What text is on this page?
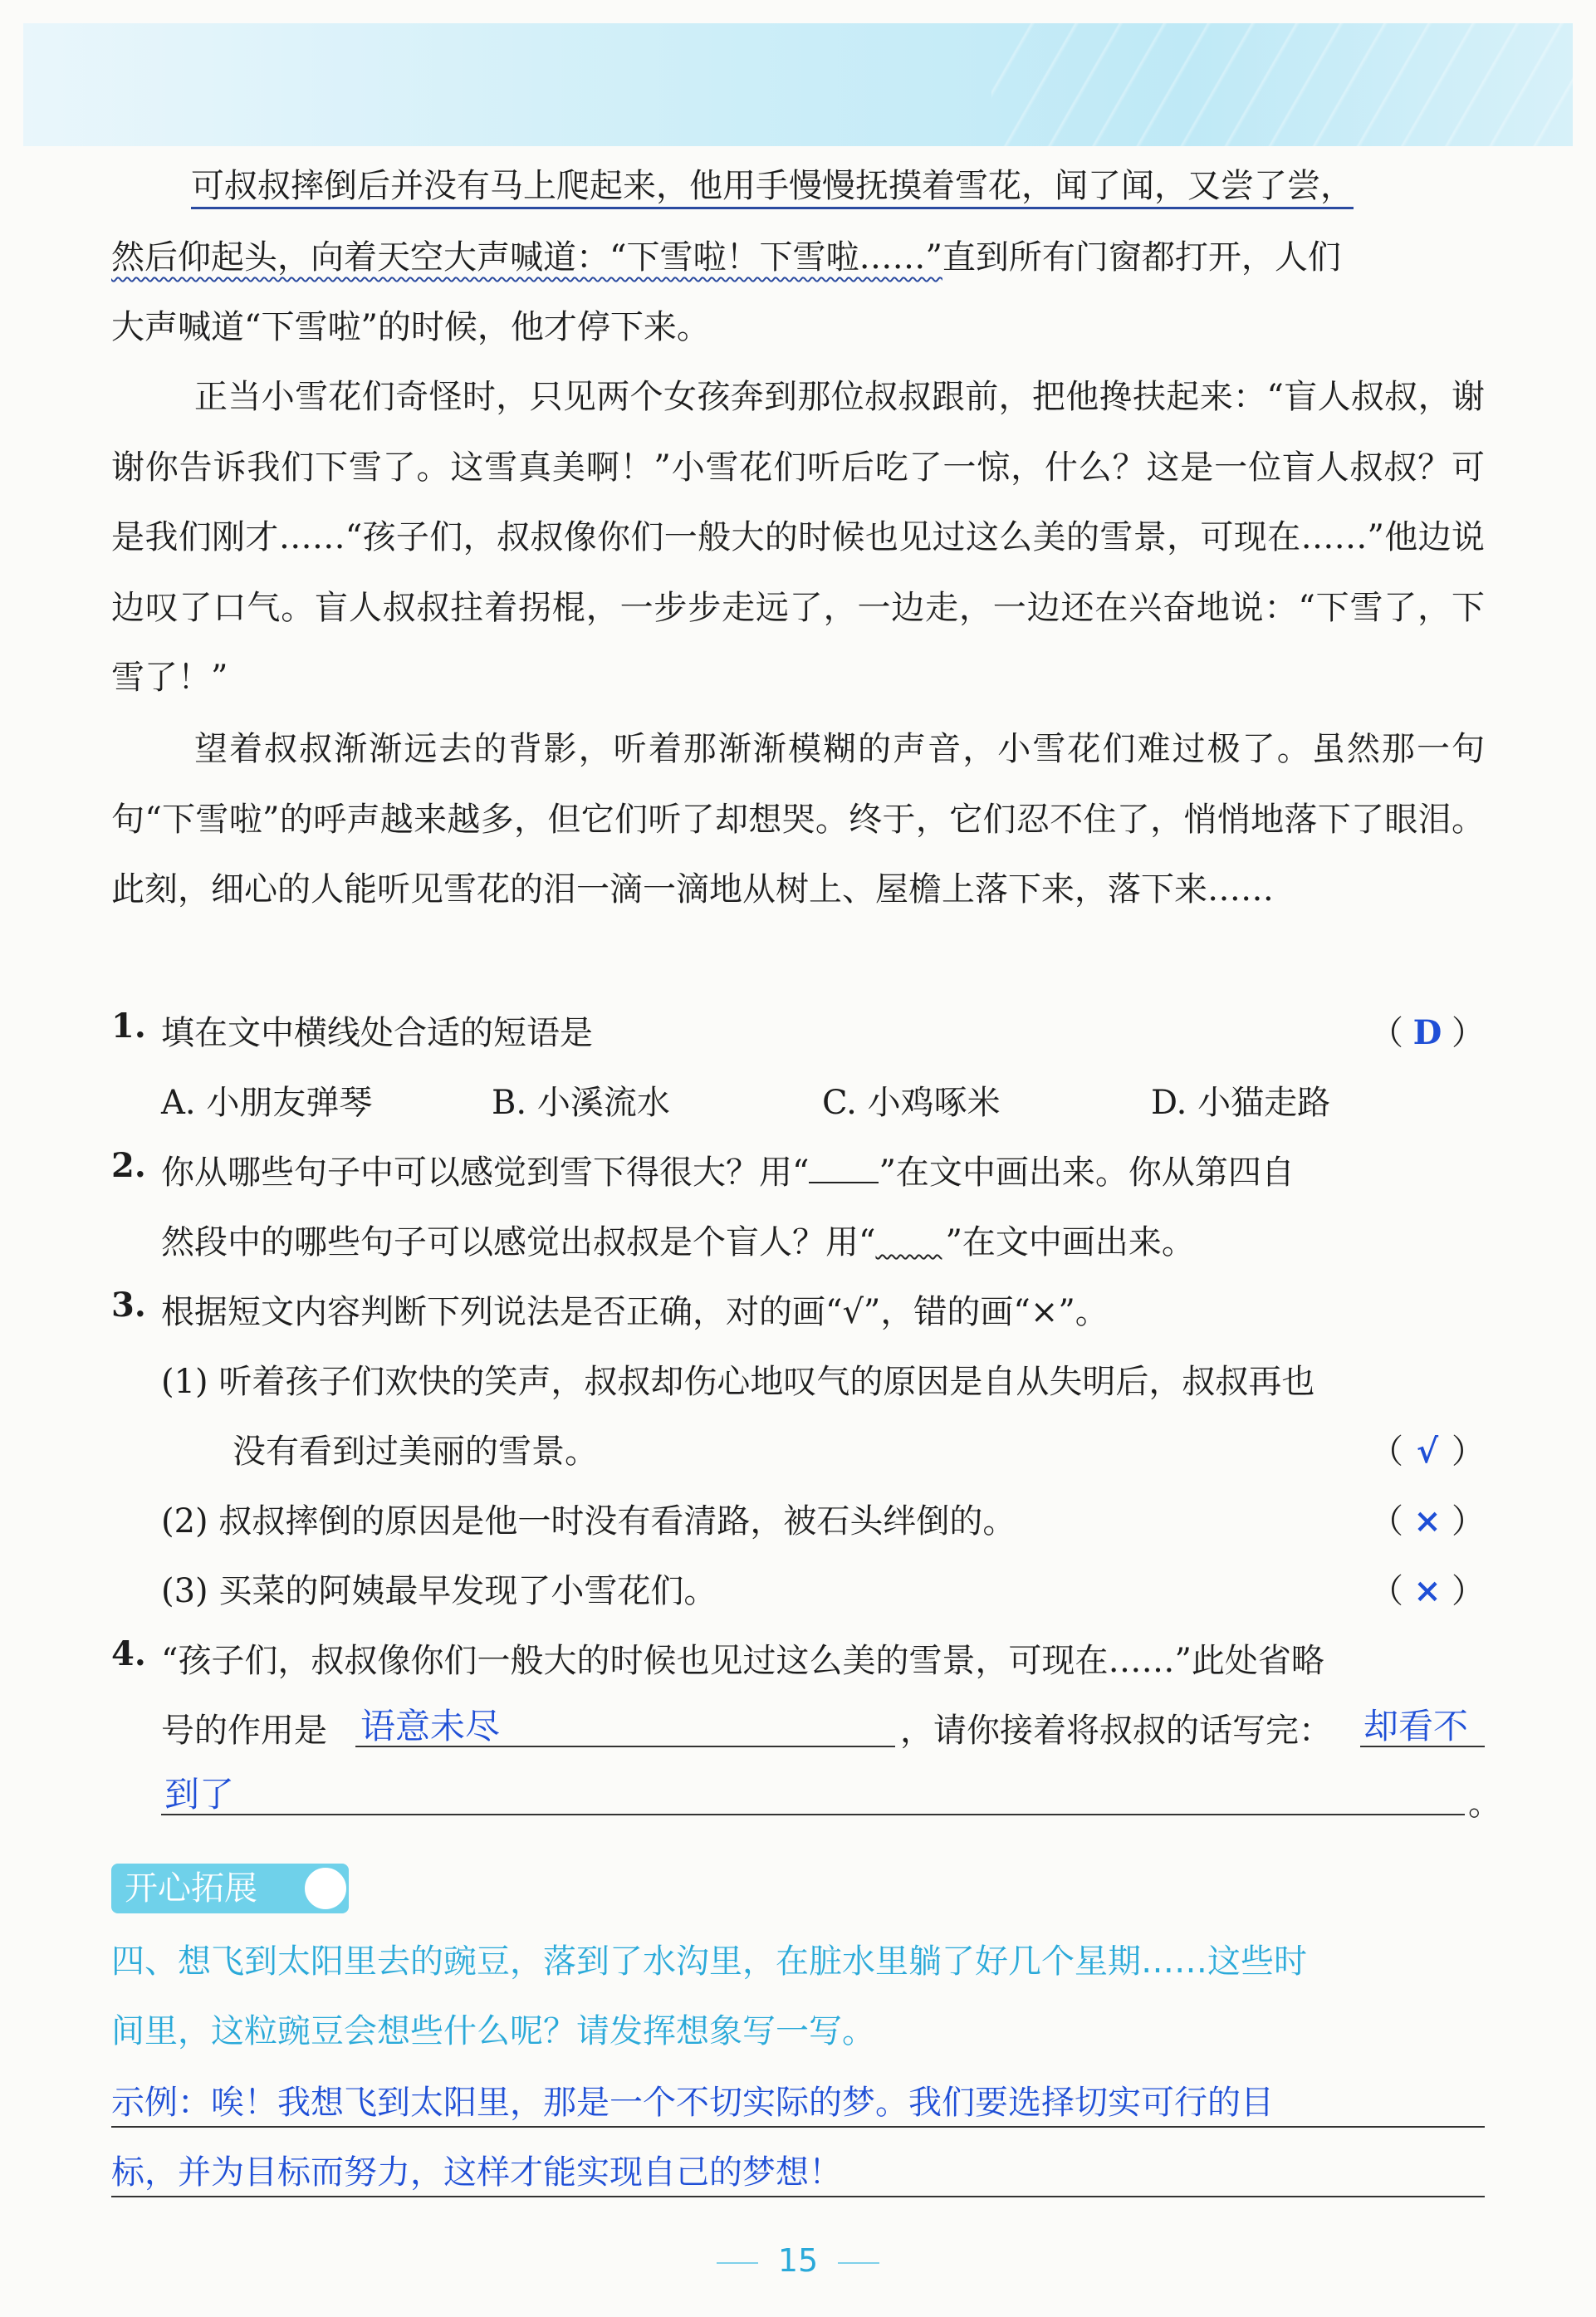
可叔叔摔倒后并没有马上爬起来，他用手慢慢抚摸着雪花，闻了闻，又尝了尝，
然后仰起头，向着天空大声喊道：“下雪啦！下雪啦……”直到所有门窗都打开，人们
大声喊道“下雪啦”的时候，他才停下来。
正当小雪花们奇怪时，只见两个女孩奔到那位叔叔跟前，把他搀扶起来：“盲人叔叔，谢谢你告诉我们下雪了。这雪真美啊！”小雪花们听后吃了一惊，什么？这是一位盲人叔叔？可是我们刚才……“孩子们，叔叔像你们一般大的时候也见过这么美的雪景，可现在……”他边说边叹了口气。盲人叔叔拄着拐棍，一步步走远了，一边走，一边还在兴奋地说：“下雪了，下雪了！”
望着叔叔渐渐远去的背影，听着那渐渐模糊的声音，小雪花们难过极了。虽然那一句句“下雪啦”的呼声越来越多，但它们听了却想哭。终于，它们忍不住了，悄悄地落下了眼泪。此刻，细心的人能听见雪花的泪一滴一滴地从树上、屋檐上落下来，落下来……
1. 填在文中横线处合适的短语是	（ D ）
A. 小朋友弹琴	B. 小溪流水	C. 小鸡啄米	D. 小猫走路
2. 你从哪些句子中可以感觉到雪下得很大？用“ ”在文中画出来。你从第四自
然段中的哪些句子可以感觉出叔叔是个盲人？用“   ”在文中画出来。
3. 根据短文内容判断下列说法是否正确，对的画“√”，错的画“×”。
(1) 听着孩子们欢快的笑声，叔叔却伤心地叹气的原因是自从失明后，叔叔再也
没有看到过美丽的雪景。	（ √ ）
(2) 叔叔摔倒的原因是他一时没有看清路，被石头绊倒的。	（ × ）
(3) 买菜的阿姨最早发现了小雪花们。	（ × ）
4. “孩子们，叔叔像你们一般大的时候也见过这么美的雪景，可现在……”此处省略
号的作用是 语意未尽	，请你接着将叔叔的话写完： 却看不
到了	。
开心拓展
四、想飞到太阳里去的豌豆，落到了水沟里，在脏水里躺了好几个星期……这些时
间里，这粒豌豆会想些什么呢？请发挥想象写一写。
示例：唉！我想飞到太阳里，那是一个不切实际的梦。我们要选择切实可行的目
标，并为目标而努力，这样才能实现自己的梦想！
15
